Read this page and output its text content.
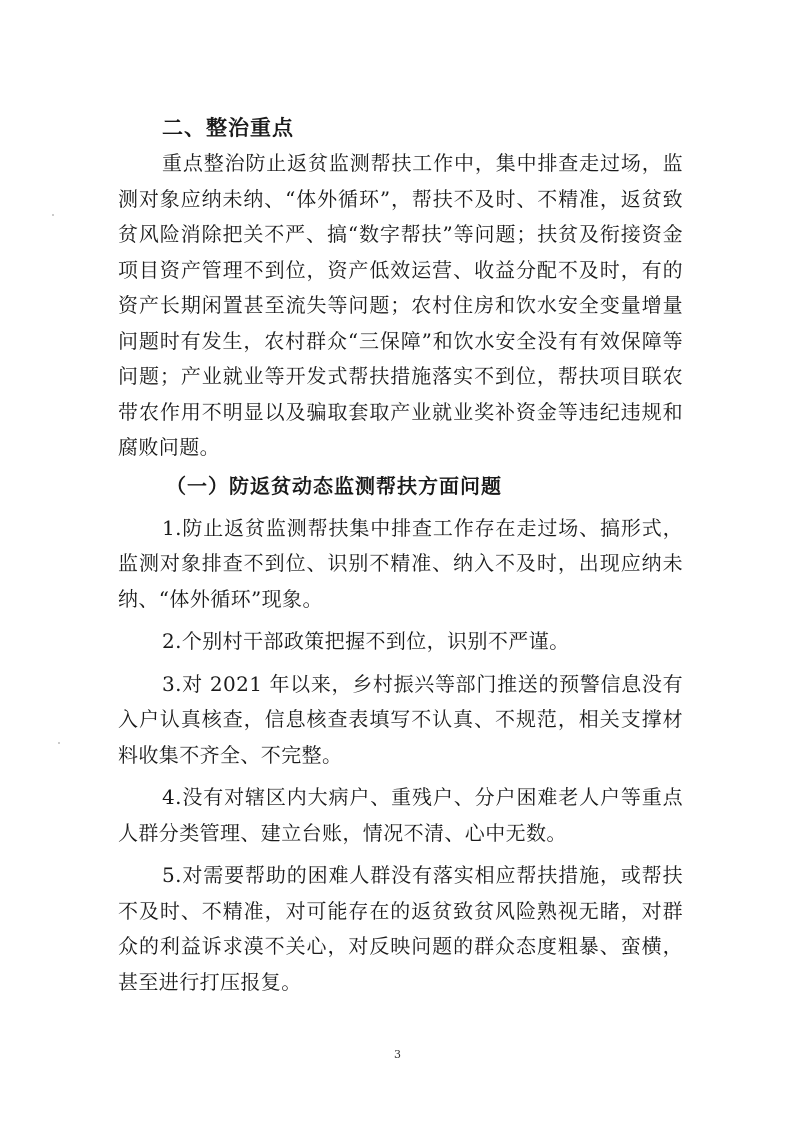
二、整治重点

重点整治防止返贫监测帮扶工作中，集中排查走过场，监测对象应纳未纳、“体外循环”，帮扶不及时、不精准，返贫致贫风险消除把关不严、搞“数字帮扶”等问题；扶贫及衔接资金项目资产管理不到位，资产低效运营、收益分配不及时，有的资产长期闲置甚至流失等问题；农村住房和饮水安全变量增量问题时有发生，农村群众“三保障”和饮水安全没有有效保障等问题；产业就业等开发式帮扶措施落实不到位，帮扶项目联农带农作用不明显以及骗取套取产业就业奖补资金等违纪违规和腐败问题。

（一）防返贫动态监测帮扶方面问题

1.防止返贫监测帮扶集中排查工作存在走过场、搞形式，监测对象排查不到位、识别不精准、纳入不及时，出现应纳未纳、“体外循环”现象。

2.个别村干部政策把握不到位，识别不严谨。

3.对 2021 年以来，乡村振兴等部门推送的预警信息没有入户认真核查，信息核查表填写不认真、不规范，相关支撑材料收集不齐全、不完整。

4.没有对辖区内大病户、重残户、分户困难老人户等重点人群分类管理、建立台账，情况不清、心中无数。

5.对需要帮助的困难人群没有落实相应帮扶措施，或帮扶不及时、不精准，对可能存在的返贫致贫风险熟视无睹，对群众的利益诉求漠不关心，对反映问题的群众态度粗暴、蛮横，甚至进行打压报复。

3
